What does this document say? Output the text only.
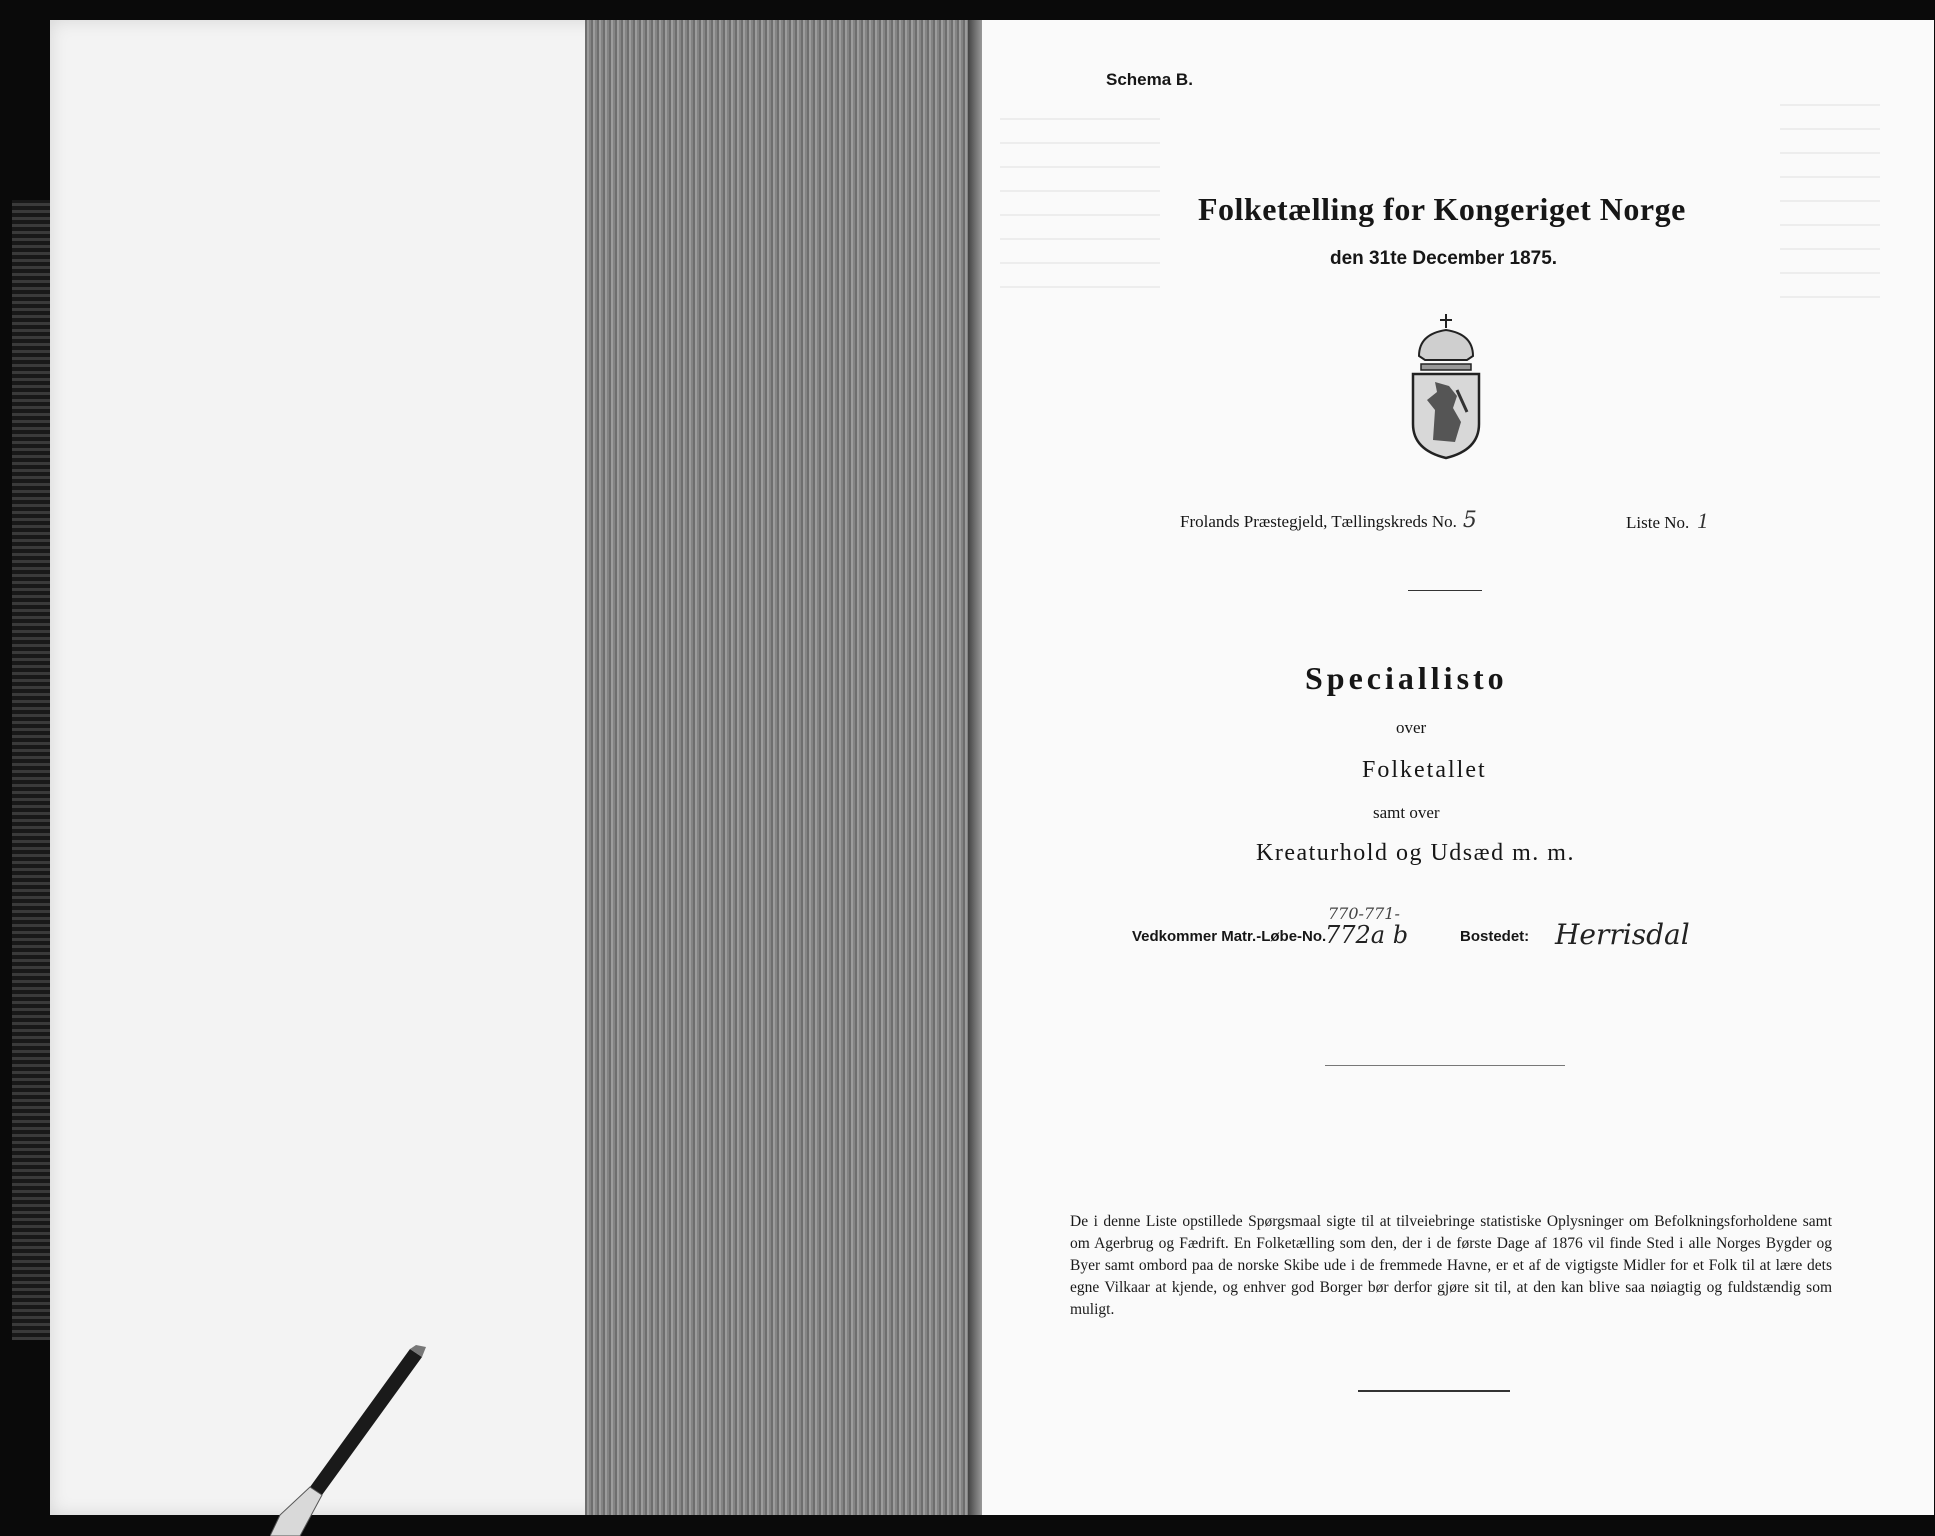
Schema B.
Folketælling for Kongeriget Norge
den 31te December 1875.
Frolands Præstegjeld, Tællingskreds No. 5	Liste No. 1
Speciallisto
over
Folketallet
samt over
Kreaturhold og Udsæd m. m.
Vedkommer Matr.-Løbe-No.
770-771-
772a b	Bostedet: Herrisdal
De i denne Liste opstillede Spørgsmaal sigte til at tilveiebringe statistiske Oplysninger om Befolkningsforholdene samt om Agerbrug og Fædrift. En Folketælling som den, der i de første Dage af 1876 vil finde Sted i alle Norges Bygder og Byer samt ombord paa de norske Skibe ude i de fremmede Havne, er et af de vigtigste Midler for et Folk til at lære dets egne Vilkaar at kjende, og enhver god Borger bør derfor gjøre sit til, at den kan blive saa nøiagtig og fuldstændig som muligt.
